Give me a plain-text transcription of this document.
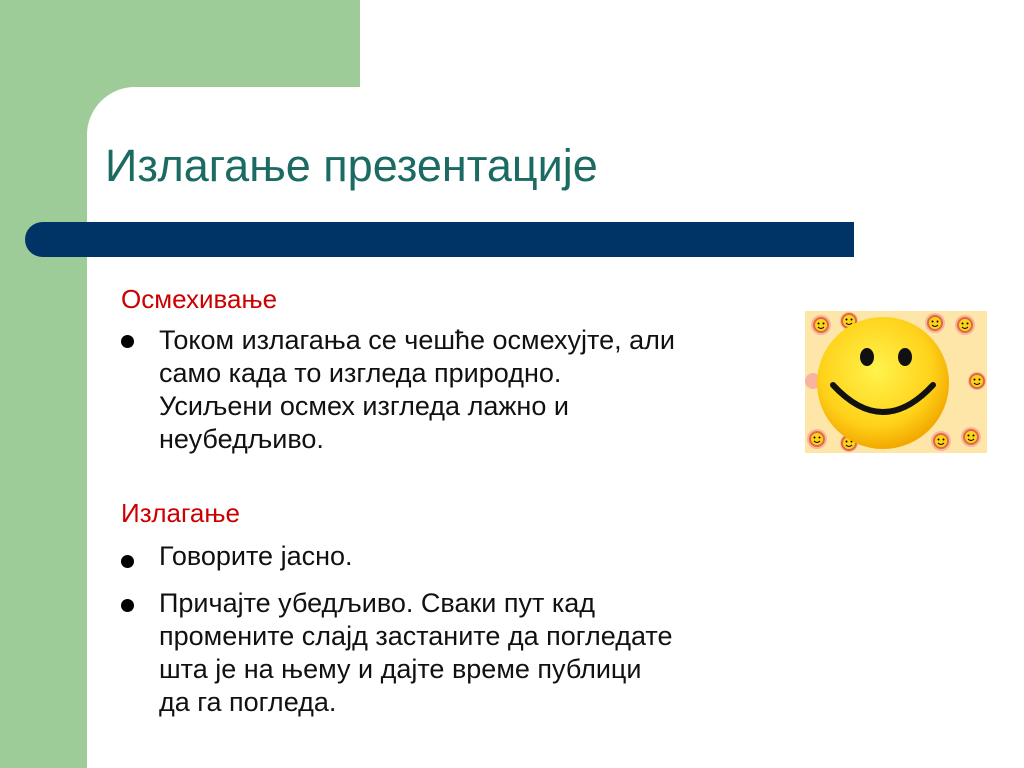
Излагање презентације
Осмехивање
Током излагања се чешће осмехујте, али
само када то изгледа природно.
Усиљени осмех изгледа лажно и
неубедљиво.
Излагање
Говорите јасно.
Причајте убедљиво. Сваки пут кад
промените слајд застаните да погледате
шта је на њему и дајте време публици
да га погледа.
